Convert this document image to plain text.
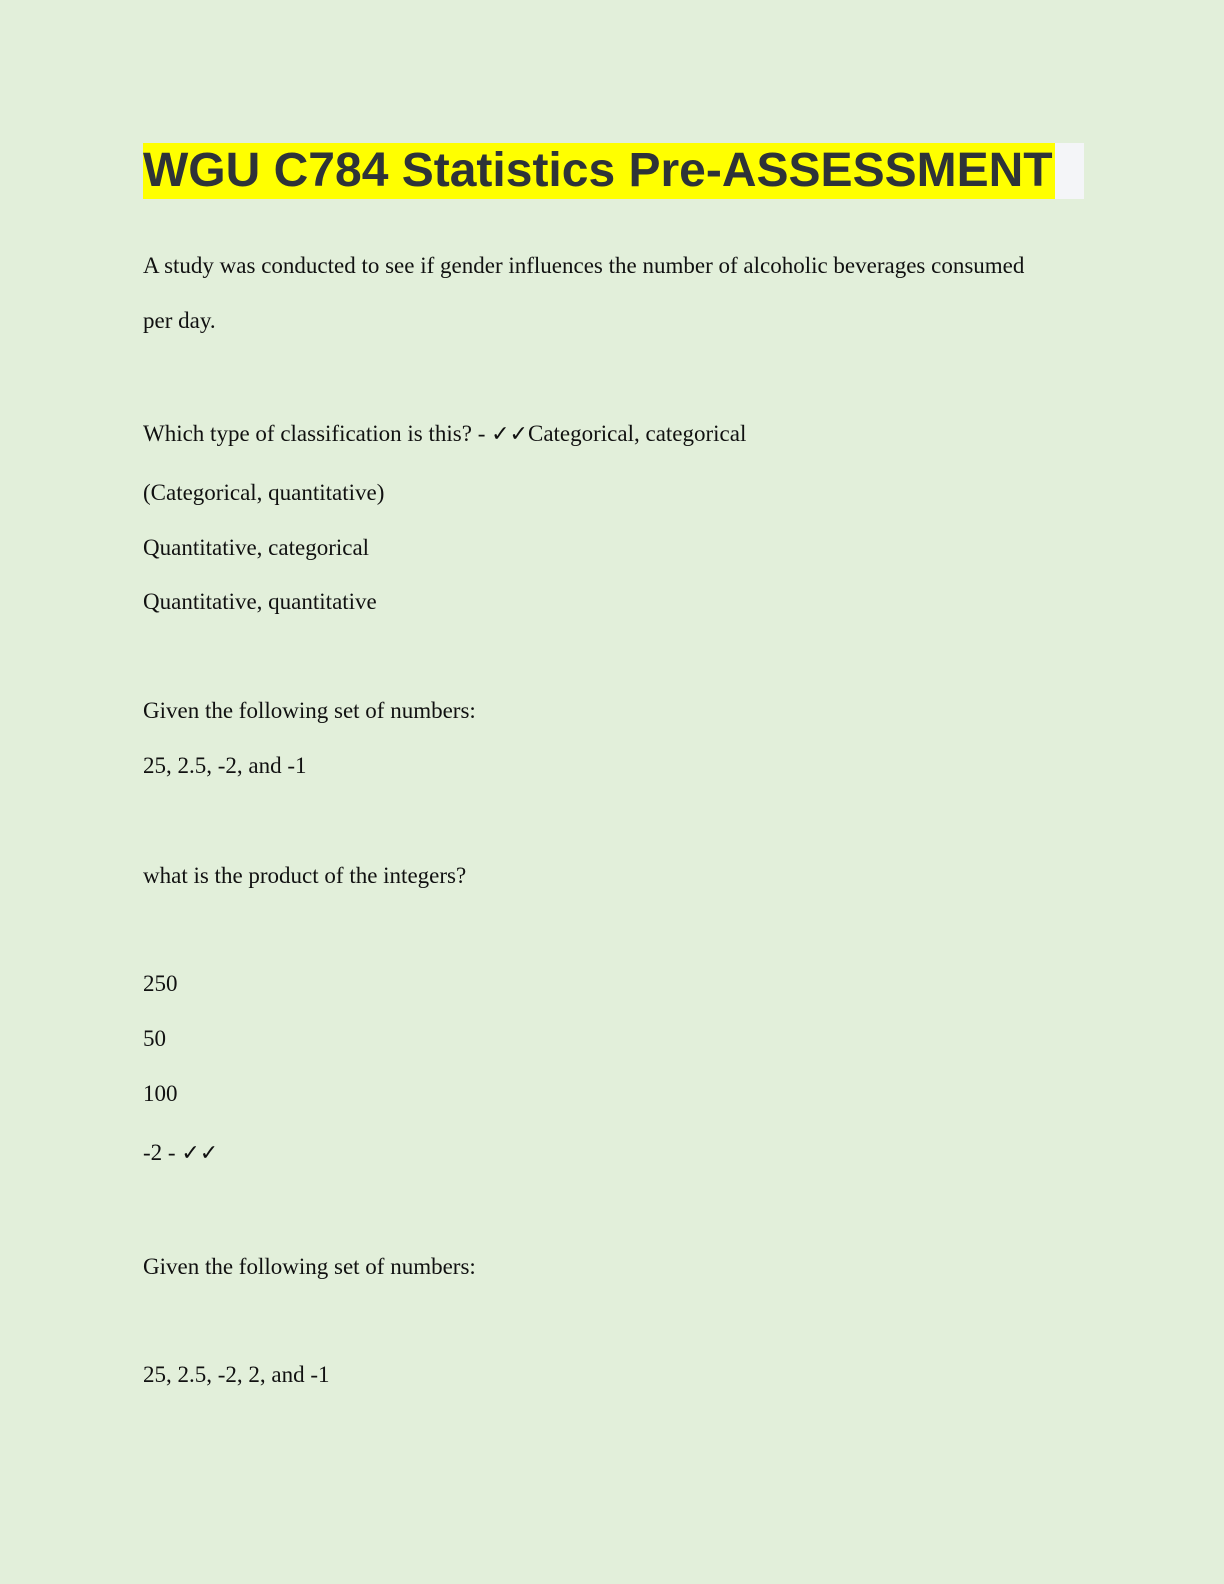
WGU C784 Statistics Pre-ASSESSMENT
A study was conducted to see if gender influences the number of alcoholic beverages consumed
per day.
Which type of classification is this? - ✓✓Categorical, categorical
(Categorical, quantitative)
Quantitative, categorical
Quantitative, quantitative
Given the following set of numbers:
25, 2.5, -2, and -1
what is the product of the integers?
250
50
100
-2 - ✓✓
Given the following set of numbers:
25, 2.5, -2, 2, and -1
